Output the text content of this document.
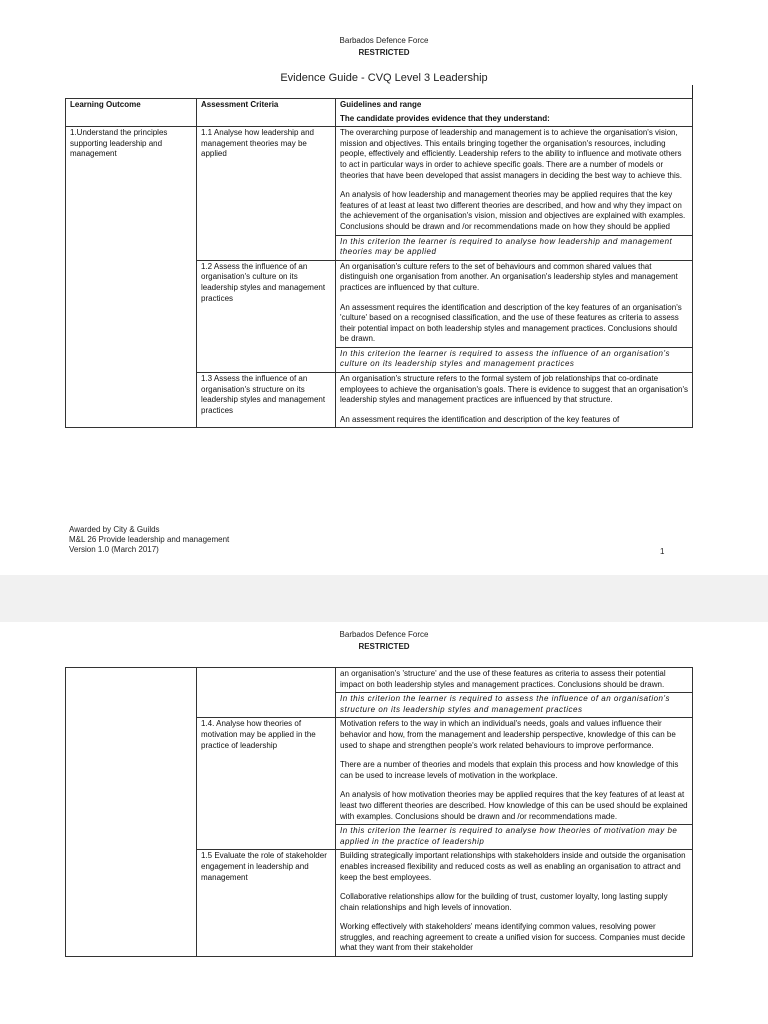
Barbados Defence Force
RESTRICTED
Evidence Guide - CVQ Level 3 Leadership
Learning Outcome	Assessment Criteria	Guidelines and range
The candidate provides evidence that they understand:

1.Understand the principles supporting leadership and management	1.1 Analyse how leadership and management theories may be applied	The overarching purpose of leadership and management is to achieve the organisation's vision, mission and objectives. This entails bringing together the organisation's resources, including people, effectively and efficiently. Leadership refers to the ability to influence and motivate others to act in particular ways in order to achieve specific goals. There are a number of models or theories that have been developed that assist managers in deciding the best way to achieve this.

An analysis of how leadership and management theories may be applied requires that the key features of at least at least two different theories are described, and how and why they impact on the achievement of the organisation's vision, mission and objectives are explained with examples. Conclusions should be drawn and /or recommendations made on how they should be applied

		In this criterion the learner is required to analyse how leadership and management theories may be applied
	1.2 Assess the influence of an organisation's culture on its leadership styles and management practices	An organisation's culture refers to the set of behaviours and common shared values that distinguish one organisation from another. An organisation's leadership styles and management practices are influenced by that culture.

An assessment requires the identification and description of the key features of an organisation's 'culture' based on a recognised classification, and the use of these features as criteria to assess their potential impact on both leadership styles and management practices. Conclusions should be drawn.

		In this criterion the learner is required to assess the influence of an organisation's culture on its leadership styles and management practices
	1.3 Assess the influence of an organisation's structure on its leadership styles and management practices	An organisation's structure refers to the formal system of job relationships that co-ordinate employees to achieve the organisation's goals. There is evidence to suggest that an organisation's leadership styles and management practices are influenced by that structure.

An assessment requires the identification and description of the key features of

Awarded by City & Guilds
M&L 26 Provide leadership and management
Version 1.0 (March 2017)	1
Barbados Defence Force
RESTRICTED

		an organisation's 'structure' and the use of these features as criteria to assess their potential impact on both leadership styles and management practices. Conclusions should be drawn.

		In this criterion the learner is required to assess the influence of an organisation's structure on its leadership styles and management practices
	1.4. Analyse how theories of motivation may be applied in the practice of leadership	Motivation refers to the way in which an individual's needs, goals and values influence their behavior and how, from the management and leadership perspective, knowledge of this can be used to shape and strengthen people's work related behaviours to improve performance.

There are a number of theories and models that explain this process and how knowledge of this can be used to increase levels of motivation in the workplace.

An analysis of how motivation theories may be applied requires that the key features of at least at least two different theories are described. How knowledge of this can be used should be explained with examples. Conclusions should be drawn and /or recommendations made.

		In this criterion the learner is required to analyse how theories of motivation may be applied in the practice of leadership
	1.5 Evaluate the role of stakeholder engagement in leadership and management	Building strategically important relationships with stakeholders inside and outside the organisation enables increased flexibility and reduced costs as well as enabling an organisation to attract and keep the best employees.

Collaborative relationships allow for the building of trust, customer loyalty, long lasting supply chain relationships and high levels of innovation.

Working effectively with stakeholders' means identifying common values, resolving power struggles, and reaching agreement to create a unified vision for success. Companies must decide what they want from their stakeholder
